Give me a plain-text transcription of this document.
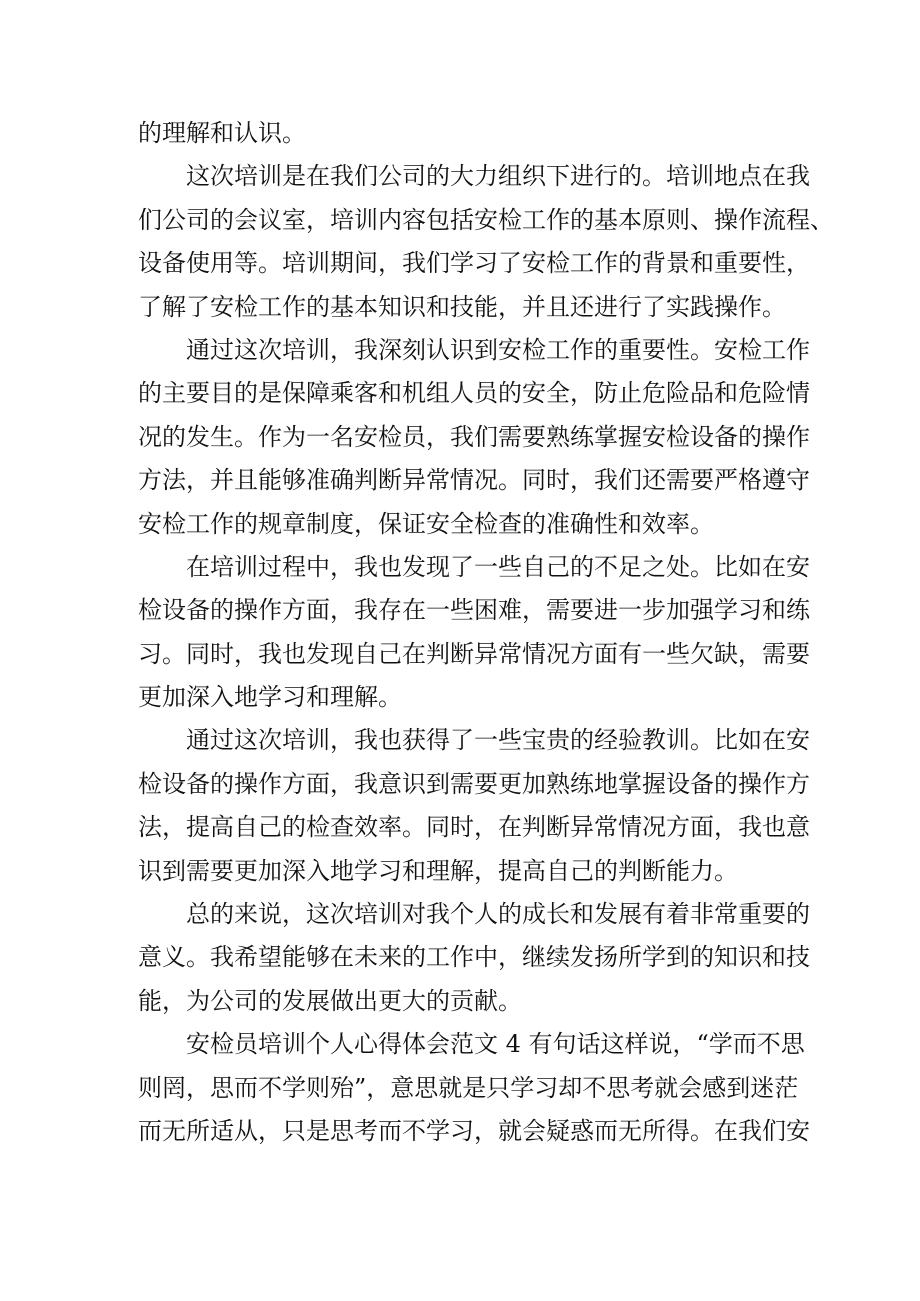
的理解和认识。
这次培训是在我们公司的大力组织下进行的。培训地点在我
们公司的会议室，培训内容包括安检工作的基本原则、操作流程、
设备使用等。培训期间，我们学习了安检工作的背景和重要性，
了解了安检工作的基本知识和技能，并且还进行了实践操作。
通过这次培训，我深刻认识到安检工作的重要性。安检工作
的主要目的是保障乘客和机组人员的安全，防止危险品和危险情
况的发生。作为一名安检员，我们需要熟练掌握安检设备的操作
方法，并且能够准确判断异常情况。同时，我们还需要严格遵守
安检工作的规章制度，保证安全检查的准确性和效率。
在培训过程中，我也发现了一些自己的不足之处。比如在安
检设备的操作方面，我存在一些困难，需要进一步加强学习和练
习。同时，我也发现自己在判断异常情况方面有一些欠缺，需要
更加深入地学习和理解。
通过这次培训，我也获得了一些宝贵的经验教训。比如在安
检设备的操作方面，我意识到需要更加熟练地掌握设备的操作方
法，提高自己的检查效率。同时，在判断异常情况方面，我也意
识到需要更加深入地学习和理解，提高自己的判断能力。
总的来说，这次培训对我个人的成长和发展有着非常重要的
意义。我希望能够在未来的工作中，继续发扬所学到的知识和技
能，为公司的发展做出更大的贡献。
安检员培训个人心得体会范文 4 有句话这样说，“学而不思
则罔，思而不学则殆”，意思就是只学习却不思考就会感到迷茫
而无所适从，只是思考而不学习，就会疑惑而无所得。在我们安
